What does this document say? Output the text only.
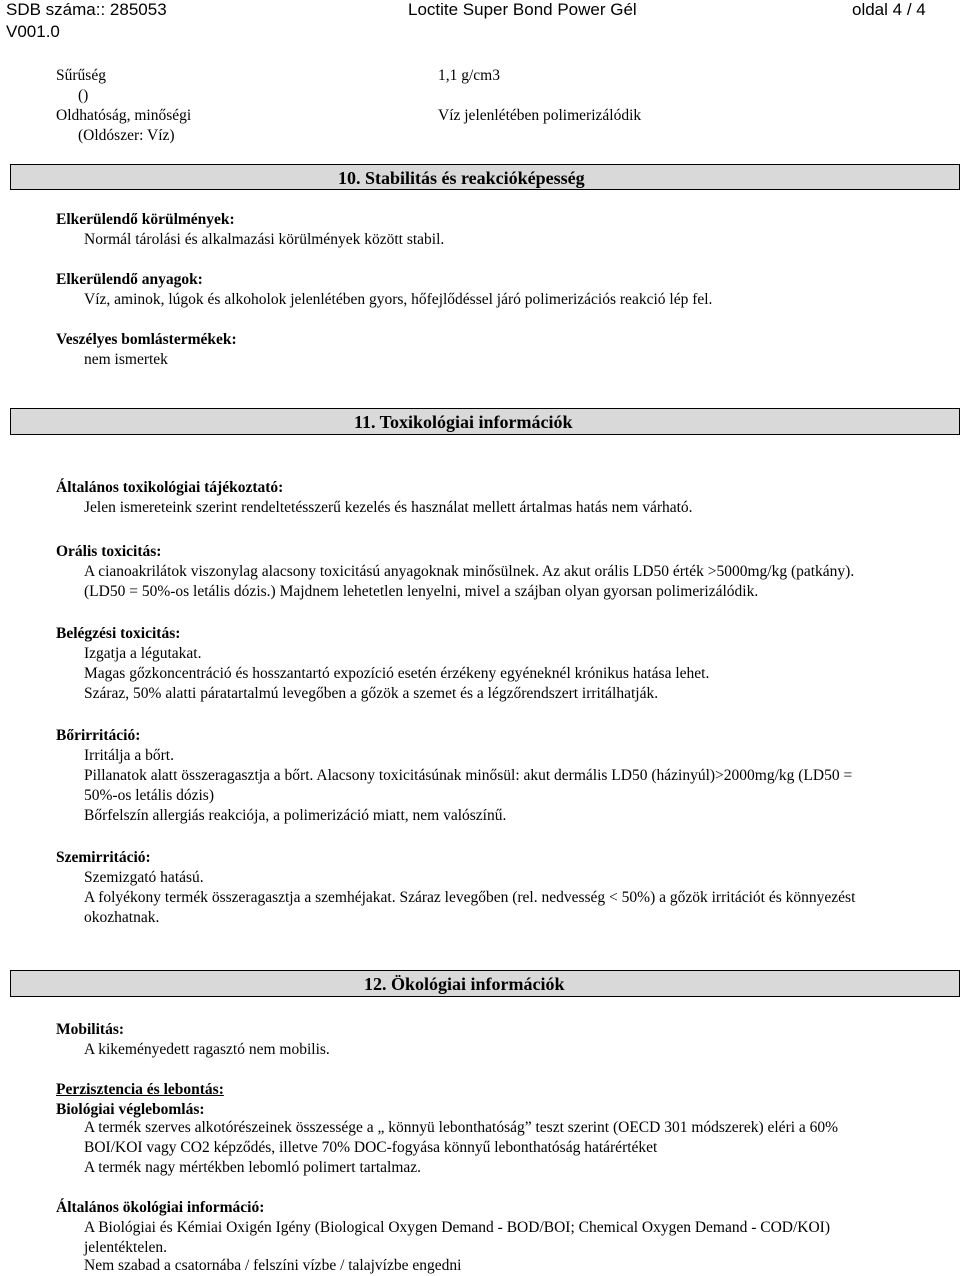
SDB száma:: 285053
V001.0
Loctite Super Bond Power Gél	oldal 4 / 4
Sűrűség
()
1,1 g/cm3
Oldhatóság, minőségi
(Oldószer: Víz)
Víz jelenlétében polimerizálódik
10. Stabilitás és reakcióképesség
Elkerülendő körülmények:
Normál tárolási és alkalmazási körülmények között stabil.
Elkerülendő anyagok:
Víz, aminok, lúgok és alkoholok jelenlétében gyors, hőfejlődéssel járó polimerizációs reakció lép fel.
Veszélyes bomlástermékek:
nem ismertek
11. Toxikológiai információk
Általános toxikológiai tájékoztató:
Jelen ismereteink szerint rendeltetésszerű kezelés és használat mellett ártalmas hatás nem várható.
Orális toxicitás:
A cianoakrilátok viszonylag alacsony toxicitású anyagoknak minősülnek. Az akut orális LD50 érték >5000mg/kg (patkány).
(LD50 = 50%-os letális dózis.) Majdnem lehetetlen lenyelni, mivel a szájban olyan gyorsan polimerizálódik.
Belégzési toxicitás:
Izgatja a légutakat.
Magas gőzkoncentráció és hosszantartó expozíció esetén érzékeny egyéneknél krónikus hatása lehet.
Száraz, 50% alatti páratartalmú levegőben a gőzök a szemet és a légzőrendszert irritálhatják.
Bőrirritáció:
Irritálja a bőrt.
Pillanatok alatt összeragasztja a bőrt. Alacsony toxicitásúnak minősül: akut dermális LD50 (házinyúl)>2000mg/kg (LD50 =
50%-os letális dózis)
Bőrfelszín allergiás reakciója, a polimerizáció miatt, nem valószínű.
Szemirritáció:
Szemizgató hatású.
A folyékony termék összeragasztja a szemhéjakat. Száraz levegőben (rel. nedvesség < 50%) a gőzök irritációt és könnyezést
okozhatnak.
12. Ökológiai információk
Mobilitás:
A kikeményedett ragasztó nem mobilis.
Perzisztencia és lebontás:
Biológiai véglebomlás:
A termék szerves alkotórészeinek összessége a „ könnyü lebonthatóság” teszt szerint (OECD 301 módszerek) eléri a 60%
BOI/KOI vagy CO2 képződés, illetve 70% DOC-fogyása könnyű lebonthatóság határértéket
A termék nagy mértékben lebomló polimert tartalmaz.
Általános ökológiai információ:
A Biológiai és Kémiai Oxigén Igény (Biological Oxygen Demand - BOD/BOI; Chemical Oxygen Demand - COD/KOI)
jelentéktelen.
Nem szabad a csatornába / felszíni vízbe / talajvízbe engedni
